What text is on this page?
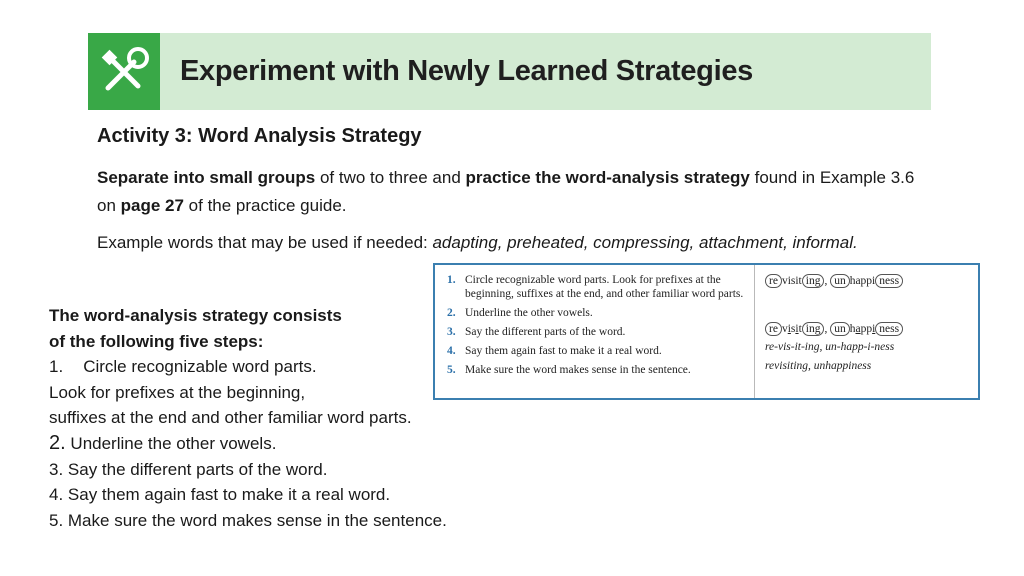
Experiment with Newly Learned Strategies
Activity 3: Word Analysis Strategy
Separate into small groups of two to three and practice the word-analysis strategy found in Example 3.6 on page 27 of the practice guide.
Example words that may be used if needed: adapting, preheated, compressing, attachment, informal.
The word-analysis strategy consists
of the following five steps:
1. Circle recognizable word parts.
Look for prefixes at the beginning,
suffixes at the end and other familiar word parts.
2. Underline the other vowels.
3. Say the different parts of the word.
4. Say them again fast to make it a real word.
5. Make sure the word makes sense in the sentence.
1. Circle recognizable word parts. Look for prefixes at the beginning, suffixes at the end, and other familiar word parts.
2. Underline the other vowels.
3. Say the different parts of the word.
4. Say them again fast to make it a real word.
5. Make sure the word makes sense in the sentence.
re visit ing , un happi ness
re visit ing , un happi ness
re-vis-it-ing, un-happ-i-ness
revisiting, unhappiness
